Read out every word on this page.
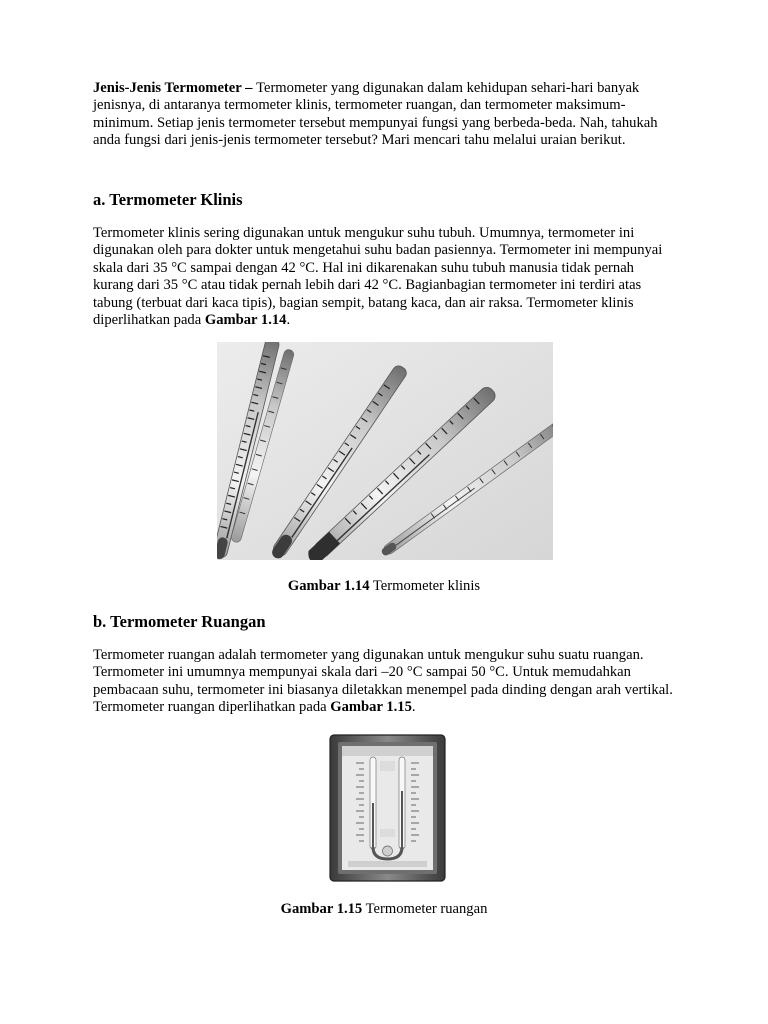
Jenis-Jenis Termometer – Termometer yang digunakan dalam kehidupan sehari-hari banyak jenisnya, di antaranya termometer klinis, termometer ruangan, dan termometer maksimum-minimum. Setiap jenis termometer tersebut mempunyai fungsi yang berbeda-beda. Nah, tahukah anda fungsi dari jenis-jenis termometer tersebut? Mari mencari tahu melalui uraian berikut.

a. Termometer Klinis

Termometer klinis sering digunakan untuk mengukur suhu tubuh. Umumnya, termometer ini digunakan oleh para dokter untuk mengetahui suhu badan pasiennya. Termometer ini mempunyai skala dari 35 °C sampai dengan 42 °C. Hal ini dikarenakan suhu tubuh manusia tidak pernah kurang dari 35 °C atau tidak pernah lebih dari 42 °C. Bagianbagian termometer ini terdiri atas tabung (terbuat dari kaca tipis), bagian sempit, batang kaca, dan air raksa. Termometer klinis diperlihatkan pada Gambar 1.14.

Gambar 1.14 Termometer klinis

b. Termometer Ruangan

Termometer ruangan adalah termometer yang digunakan untuk mengukur suhu suatu ruangan. Termometer ini umumnya mempunyai skala dari –20 °C sampai 50 °C. Untuk memudahkan pembacaan suhu, termometer ini biasanya diletakkan menempel pada dinding dengan arah vertikal. Termometer ruangan diperlihatkan pada Gambar 1.15.

Gambar 1.15 Termometer ruangan
